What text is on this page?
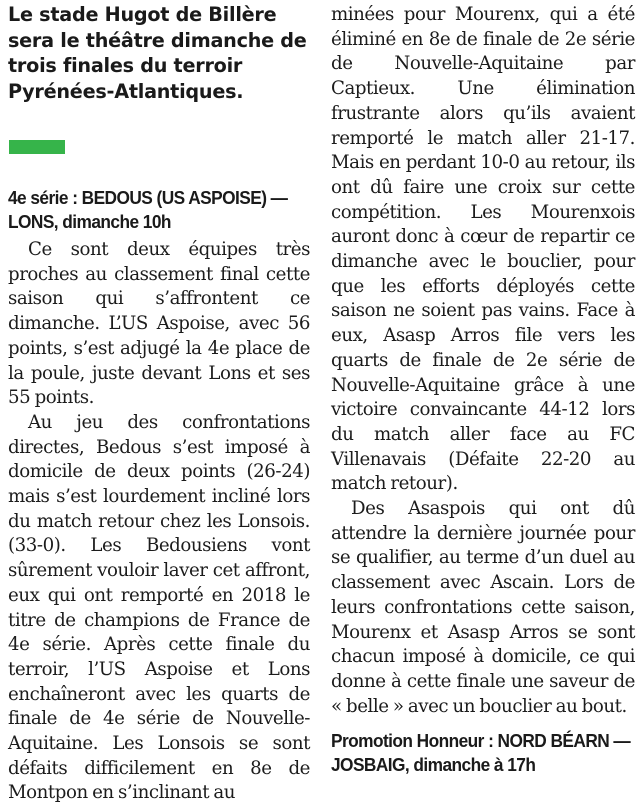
Le stade Hugot de Billère sera le théâtre dimanche de trois finales du terroir Pyrénées-Atlantiques.
4e série : BEDOUS (US ASPOISE) — LONS, dimanche 10h

Ce sont deux équipes très proches au classement final cette saison qui s’affrontent ce dimanche. L’US Aspoise, avec 56 points, s’est adjugé la 4e place de la poule, juste devant Lons et ses 55 points.

Au jeu des confrontations directes, Bedous s’est imposé à domicile de deux points (26-24) mais s’est lourdement incliné lors du match retour chez les Lonsois. (33-0). Les Bedousiens vont sûrement vouloir laver cet affront, eux qui ont remporté en 2018 le titre de champions de France de 4e série. Après cette finale du terroir, l’US Aspoise et Lons enchaîneront avec les quarts de finale de 4e série de Nouvelle-Aquitaine. Les Lonsois se sont défaits difficilement en 8e de Montpon en s’inclinant au

minées pour Mourenx, qui a été éliminé en 8e de finale de 2e série de Nouvelle-Aquitaine par Captieux. Une élimination frustrante alors qu’ils avaient remporté le match aller 21-17. Mais en perdant 10-0 au retour, ils ont dû faire une croix sur cette compétition. Les Mourenxois auront donc à cœur de repartir ce dimanche avec le bouclier, pour que les efforts déployés cette saison ne soient pas vains. Face à eux, Asasp Arros file vers les quarts de finale de 2e série de Nouvelle-Aquitaine grâce à une victoire convaincante 44-12 lors du match aller face au FC Villenavais (Défaite 22-20 au match retour).

Des Asaspois qui ont dû attendre la dernière journée pour se qualifier, au terme d’un duel au classement avec Ascain. Lors de leurs confrontations cette saison, Mourenx et Asasp Arros se sont chacun imposé à domicile, ce qui donne à cette finale une saveur de « belle » avec un bouclier au bout.

Promotion Honneur : NORD BÉARN — JOSBAIG, dimanche à 17h
